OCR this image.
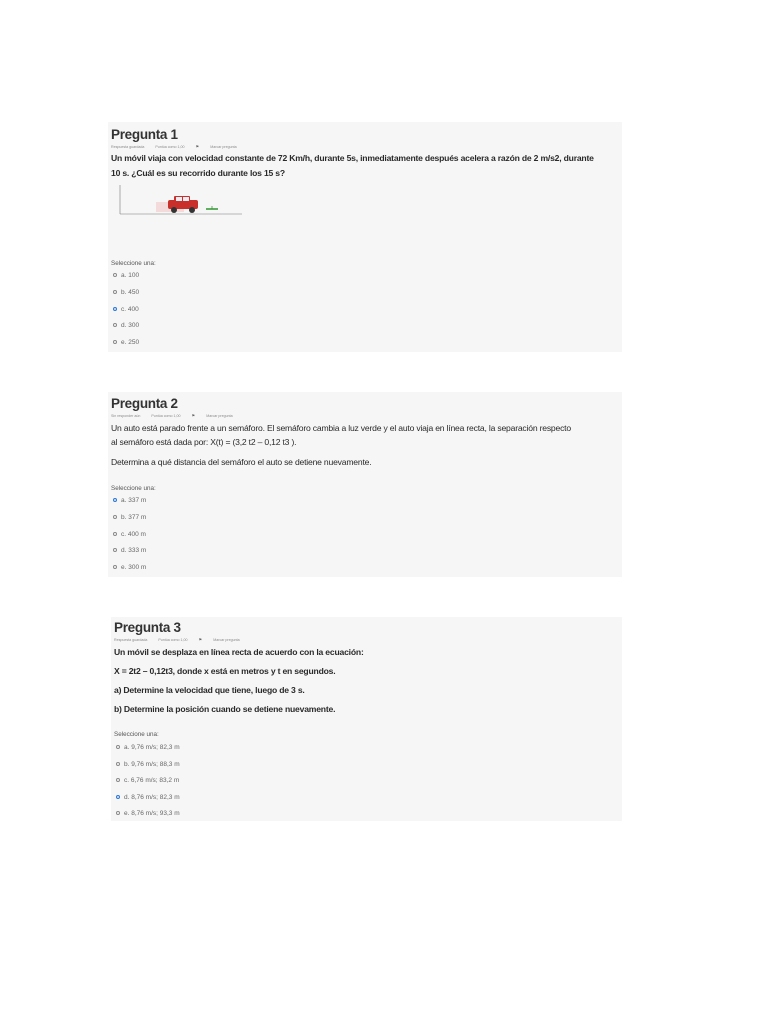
Pregunta 1
Respuesta guardada	Puntúa como 1,00	⚑	Marcar pregunta
Un móvil viaja con velocidad constante de 72 Km/h, durante 5s, inmediatamente después acelera a razón de 2 m/s2, durante
10 s. ¿Cuál es su recorrido durante los 15 s?
Seleccione una:
a. 100
b. 450
c. 400
d. 300
e. 250
Pregunta 2
Sin responder aún	Puntúa como 1,00	⚑	Marcar pregunta
Un auto está parado frente a un semáforo. El semáforo cambia a luz verde y el auto viaja en línea recta, la separación respecto
al semáforo está dada por: X(t) = (3,2 t2 – 0,12 t3 ).
Determina a qué distancia del semáforo el auto se detiene nuevamente.
Seleccione una:
a. 337 m
b. 377 m
c. 400 m
d. 333 m
e. 300 m
Pregunta 3
Respuesta guardada	Puntúa como 1,00	⚑	Marcar pregunta
Un móvil se desplaza en línea recta de acuerdo con la ecuación:
X = 2t2 – 0,12t3, donde x está en metros y t en segundos.
a) Determine la velocidad que tiene, luego de 3 s.
b) Determine la posición cuando se detiene nuevamente.
Seleccione una:
a. 9,76 m/s; 82,3 m
b. 9,76 m/s; 88,3 m
c. 6,76 m/s; 83,2 m
d. 8,76 m/s; 82,3 m
e. 8,76 m/s; 93,3 m
